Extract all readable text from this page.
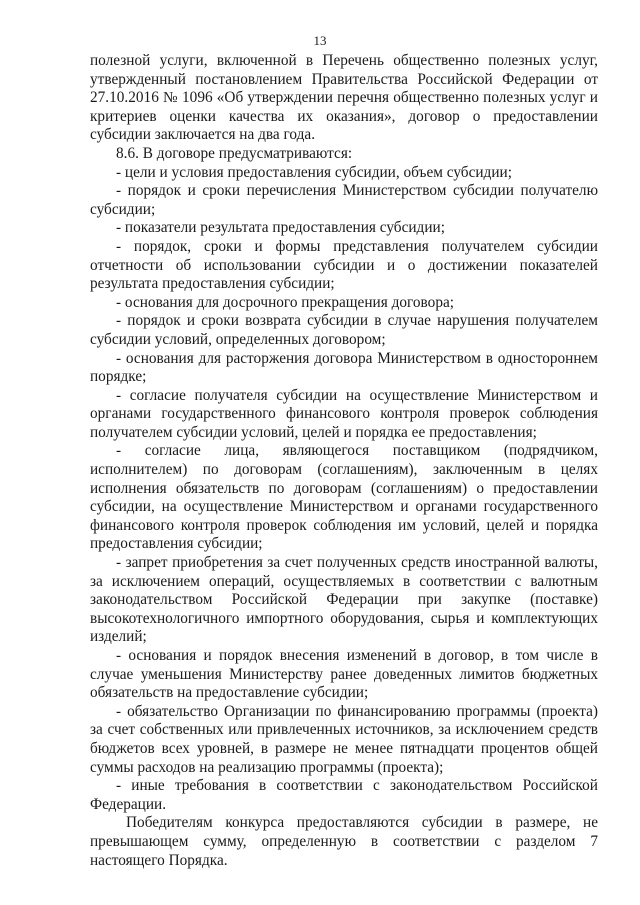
13

полезной услуги, включенной в Перечень общественно полезных услуг, утвержденный постановлением Правительства Российской Федерации от 27.10.2016 № 1096 «Об утверждении перечня общественно полезных услуг и критериев оценки качества их оказания», договор о предоставлении субсидии заключается на два года.

8.6. В договоре предусматриваются:

- цели и условия предоставления субсидии, объем субсидии;

- порядок и сроки перечисления Министерством субсидии получателю субсидии;

- показатели результата предоставления субсидии;

- порядок, сроки и формы представления получателем субсидии отчетности об использовании субсидии и о достижении показателей результата предоставления субсидии;

- основания для досрочного прекращения договора;

- порядок и сроки возврата субсидии в случае нарушения получателем субсидии условий, определенных договором;

- основания для расторжения договора Министерством в одностороннем порядке;

- согласие получателя субсидии на осуществление Министерством и органами государственного финансового контроля проверок соблюдения получателем субсидии условий, целей и порядка ее предоставления;

- согласие лица, являющегося поставщиком (подрядчиком, исполнителем) по договорам (соглашениям), заключенным в целях исполнения обязательств по договорам (соглашениям) о предоставлении субсидии, на осуществление Министерством и органами государственного финансового контроля проверок соблюдения им условий, целей и порядка предоставления субсидии;

- запрет приобретения за счет полученных средств иностранной валюты, за исключением операций, осуществляемых в соответствии с валютным законодательством Российской Федерации при закупке (поставке) высокотехнологичного импортного оборудования, сырья и комплектующих изделий;

- основания и порядок внесения изменений в договор, в том числе в случае уменьшения Министерству ранее доведенных лимитов бюджетных обязательств на предоставление субсидии;

- обязательство Организации по финансированию программы (проекта) за счет собственных или привлеченных источников, за исключением средств бюджетов всех уровней, в размере не менее пятнадцати процентов общей суммы расходов на реализацию программы (проекта);

- иные требования в соответствии с законодательством Российской Федерации.

Победителям конкурса предоставляются субсидии в размере, не превышающем сумму, определенную в соответствии с разделом 7 настоящего Порядка.
